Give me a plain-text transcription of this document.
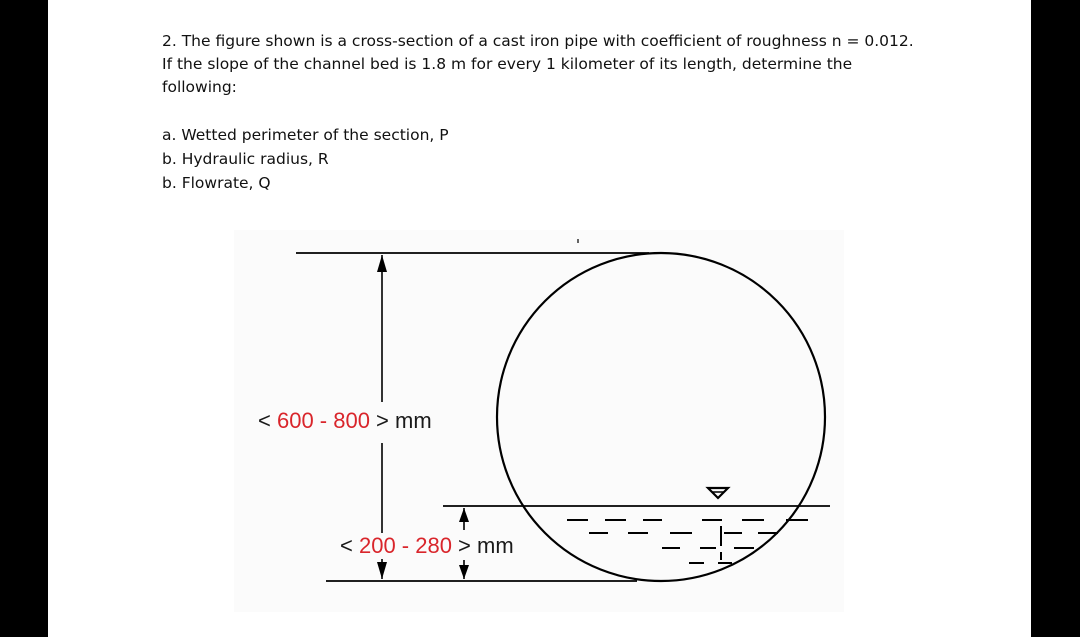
2. The figure shown is a cross-section of a cast iron pipe with coefficient of roughness n = 0.012.

If the slope of the channel bed is 1.8 m for every 1 kilometer of its length, determine the

following:

a. Wetted perimeter of the section, P
b. Hydraulic radius, R
b. Flowrate, Q
< 600 - 800 > mm
< 200 - 280 > mm
